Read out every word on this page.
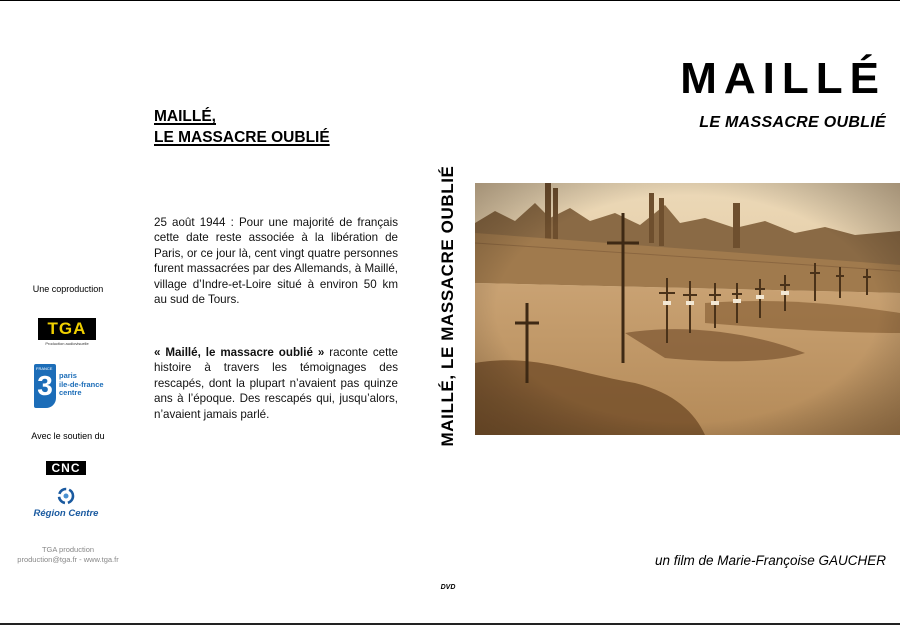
Une coproduction
TGA
Production audiovisuelle
3
FRANCE
paris
ile-de-france
centre
Avec le soutien du
CNC
Région Centre
TGA production
production@tga.fr - www.tga.fr
MAILLÉ,
LE MASSACRE OUBLIÉ
25 août 1944 : Pour une majorité de français cette date reste associée à la libération de Paris, or ce jour là, cent vingt quatre personnes furent massacrées par des Allemands, à Maillé, village d’Indre-et-Loire situé à environ 50 km au sud de Tours.
« Maillé, le massacre oublié » raconte cette histoire à travers les témoignages des rescapés, dont la plupart n’avaient pas quinze ans à l’époque. Des rescapés qui, jusqu’alors, n’avaient jamais parlé.	MAILLÉ, LE MASSACRE OUBLIÉ
MAILLÉ
LE MASSACRE OUBLIÉ
un film de Marie-Françoise GAUCHER
DVD
